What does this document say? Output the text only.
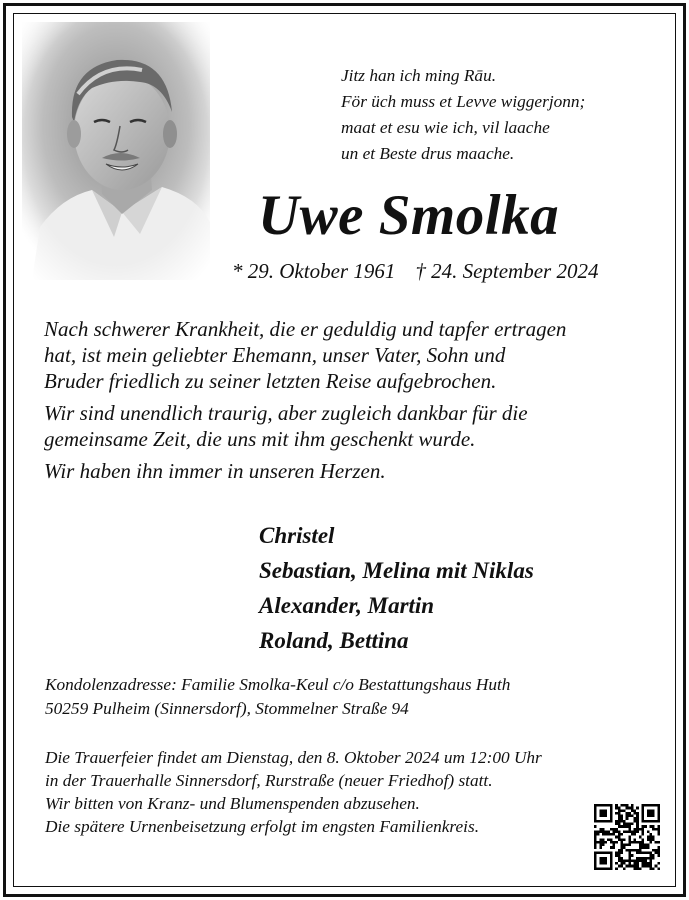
Jitz han ich ming Rāu.
För üch muss et Levve wiggerjonn;
maat et esu wie ich, vil laache
un et Beste drus maache.
Uwe Smolka
* 29. Oktober 1961 † 24. September 2024
Nach schwerer Krankheit, die er geduldig und tapfer ertragen
hat, ist mein geliebter Ehemann, unser Vater, Sohn und
Bruder friedlich zu seiner letzten Reise aufgebrochen.
Wir sind unendlich traurig, aber zugleich dankbar für die
gemeinsame Zeit, die uns mit ihm geschenkt wurde.
Wir haben ihn immer in unseren Herzen.
Christel
Sebastian, Melina mit Niklas
Alexander, Martin
Roland, Bettina
Kondolenzadresse: Familie Smolka-Keul c/o Bestattungshaus Huth
50259 Pulheim (Sinnersdorf), Stommelner Straße 94
Die Trauerfeier findet am Dienstag, den 8. Oktober 2024 um 12:00 Uhr
in der Trauerhalle Sinnersdorf, Rurstraße (neuer Friedhof) statt.
Wir bitten von Kranz- und Blumenspenden abzusehen.
Die spätere Urnenbeisetzung erfolgt im engsten Familienkreis.
